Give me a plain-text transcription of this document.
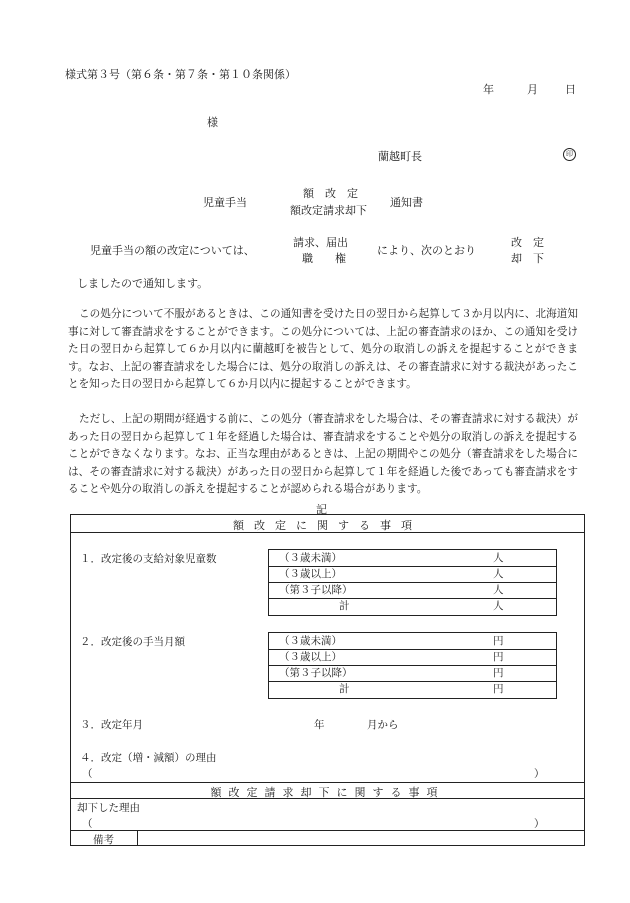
様式第３号（第６条・第７条・第１０条関係）
年	月 日
様
蘭越町長	印
児童手当
額　改　定
額改定請求却下
通知書
児童手当の額の改定については、
請求、届出
職　　権
により、次のとおり
改　定
却　下
しましたので通知します。
この処分について不服があるときは、この通知書を受けた日の翌日から起算して３か月以内に、北海道知事に対して審査請求をすることができます。この処分については、上記の審査請求のほか、この通知を受けた日の翌日から起算して６か月以内に蘭越町を被告として、処分の取消しの訴えを提起することができます。なお、上記の審査請求をした場合には、処分の取消しの訴えは、その審査請求に対する裁決があったことを知った日の翌日から起算して６か月以内に提起することができます。
ただし、上記の期間が経過する前に、この処分（審査請求をした場合は、その審査請求に対する裁決）があった日の翌日から起算して１年を経過した場合は、審査請求をすることや処分の取消しの訴えを提起することができなくなります。なお、正当な理由があるときは、上記の期間やこの処分（審査請求をした場合には、その審査請求に対する裁決）があった日の翌日から起算して１年を経過した後であっても審査請求をすることや処分の取消しの訴えを提起することが認められる場合があります。
記
額改定に関する事項
１．改定後の支給対象児童数	（３歳未満）	人
（３歳以上）	人
（第３子以降）	人
計	人
２．改定後の手当月額	（３歳未満）	円
（３歳以上）	円
（第３子以降）	円
計	円
３．改定年月	年	月から
４．改定（増・減額）の理由
（	）
額改定請求却下に関する事項
却下した理由
（	）
備考
